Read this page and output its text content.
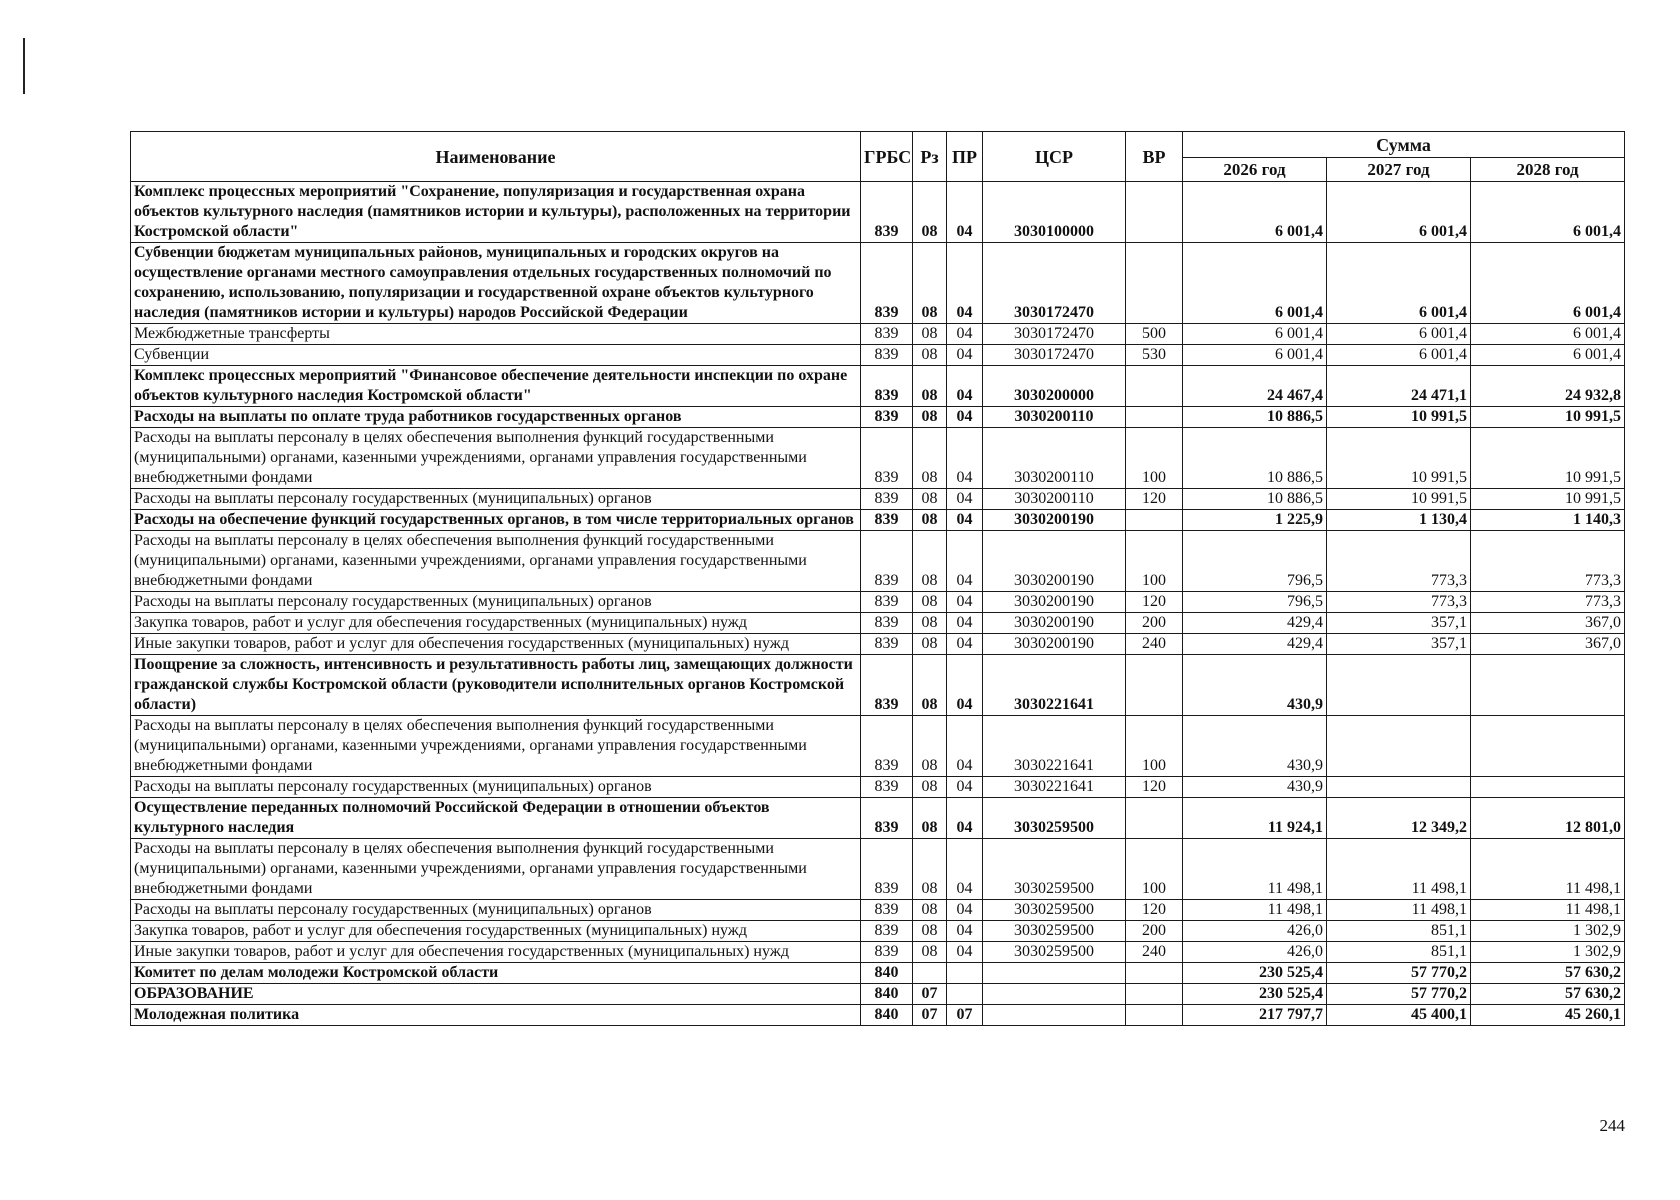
Наименование	ГРБС	Рз	ПР	ЦСР	ВР	Сумма		
						2026 год	2027 год	2028 год
Комплекс процессных мероприятий "Сохранение, популяризация и государственная охрана объектов культурного наследия (памятников истории и культуры), расположенных на территории Костромской области"	839	08	04	3030100000		6 001,4	6 001,4	6 001,4
Субвенции бюджетам муниципальных районов, муниципальных и городских округов на осуществление органами местного самоуправления отдельных государственных полномочий по сохранению, использованию, популяризации и государственной охране объектов культурного наследия (памятников истории и культуры) народов Российской Федерации	839	08	04	3030172470		6 001,4	6 001,4	6 001,4
Межбюджетные трансферты	839	08	04	3030172470	500	6 001,4	6 001,4	6 001,4
Субвенции	839	08	04	3030172470	530	6 001,4	6 001,4	6 001,4
Комплекс процессных мероприятий "Финансовое обеспечение деятельности инспекции по охране объектов культурного наследия Костромской области"	839	08	04	3030200000		24 467,4	24 471,1	24 932,8
Расходы на выплаты по оплате труда работников государственных органов	839	08	04	3030200110		10 886,5	10 991,5	10 991,5
Расходы на выплаты персоналу в целях обеспечения выполнения функций государственными (муниципальными) органами, казенными учреждениями, органами управления государственными внебюджетными фондами	839	08	04	3030200110	100	10 886,5	10 991,5	10 991,5
Расходы на выплаты персоналу государственных (муниципальных) органов	839	08	04	3030200110	120	10 886,5	10 991,5	10 991,5
Расходы на обеспечение функций государственных органов, в том числе территориальных органов	839	08	04	3030200190		1 225,9	1 130,4	1 140,3
Расходы на выплаты персоналу в целях обеспечения выполнения функций государственными (муниципальными) органами, казенными учреждениями, органами управления государственными внебюджетными фондами	839	08	04	3030200190	100	796,5	773,3	773,3
Расходы на выплаты персоналу государственных (муниципальных) органов	839	08	04	3030200190	120	796,5	773,3	773,3
Закупка товаров, работ и услуг для обеспечения государственных (муниципальных) нужд	839	08	04	3030200190	200	429,4	357,1	367,0
Иные закупки товаров, работ и услуг для обеспечения государственных (муниципальных) нужд	839	08	04	3030200190	240	429,4	357,1	367,0
Поощрение за сложность, интенсивность и результативность работы лиц, замещающих должности гражданской службы Костромской области (руководители исполнительных органов Костромской области)	839	08	04	3030221641		430,9		
Расходы на выплаты персоналу в целях обеспечения выполнения функций государственными (муниципальными) органами, казенными учреждениями, органами управления государственными внебюджетными фондами	839	08	04	3030221641	100	430,9		
Расходы на выплаты персоналу государственных (муниципальных) органов	839	08	04	3030221641	120	430,9		
Осуществление переданных полномочий Российской Федерации в отношении объектов культурного наследия	839	08	04	3030259500		11 924,1	12 349,2	12 801,0
Расходы на выплаты персоналу в целях обеспечения выполнения функций государственными (муниципальными) органами, казенными учреждениями, органами управления государственными внебюджетными фондами	839	08	04	3030259500	100	11 498,1	11 498,1	11 498,1
Расходы на выплаты персоналу государственных (муниципальных) органов	839	08	04	3030259500	120	11 498,1	11 498,1	11 498,1
Закупка товаров, работ и услуг для обеспечения государственных (муниципальных) нужд	839	08	04	3030259500	200	426,0	851,1	1 302,9
Иные закупки товаров, работ и услуг для обеспечения государственных (муниципальных) нужд	839	08	04	3030259500	240	426,0	851,1	1 302,9
Комитет по делам молодежи Костромской области	840					230 525,4	57 770,2	57 630,2
ОБРАЗОВАНИЕ	840	07				230 525,4	57 770,2	57 630,2
Молодежная политика	840	07	07			217 797,7	45 400,1	45 260,1
244
